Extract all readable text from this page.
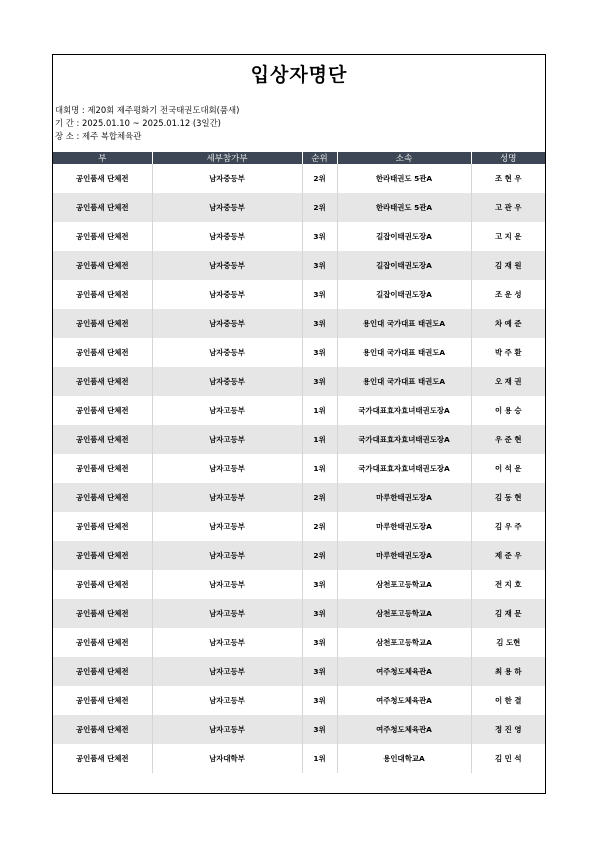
입상자명단
대회명 : 제20회 제주평화기 전국태권도대회(품새)
기 간 : 2025.01.10 ~ 2025.01.12 (3일간)
장 소 : 제주 복합체육관
부	세부참가부	순위	소속	성명
공인품새 단체전	남자중등부	2위	한라태권도 5관A	조 현 우
공인품새 단체전	남자중등부	2위	한라태권도 5관A	고 관 우
공인품새 단체전	남자중등부	3위	길잡이태권도장A	고 지 운
공인품새 단체전	남자중등부	3위	길잡이태권도장A	김 재 원
공인품새 단체전	남자중등부	3위	길잡이태권도장A	조 운 성
공인품새 단체전	남자중등부	3위	용인대 국가대표 태권도A	차 예 준
공인품새 단체전	남자중등부	3위	용인대 국가대표 태권도A	박 주 환
공인품새 단체전	남자중등부	3위	용인대 국가대표 태권도A	오 재 권
공인품새 단체전	남자고등부	1위	국가대표효자효녀태권도장A	이 용 승
공인품새 단체전	남자고등부	1위	국가대표효자효녀태권도장A	우 준 현
공인품새 단체전	남자고등부	1위	국가대표효자효녀태권도장A	이 석 운
공인품새 단체전	남자고등부	2위	마루한태권도장A	김 동 현
공인품새 단체전	남자고등부	2위	마루한태권도장A	김 우 주
공인품새 단체전	남자고등부	2위	마루한태권도장A	제 준 우
공인품새 단체전	남자고등부	3위	삼천포고등학교A	전 지 호
공인품새 단체전	남자고등부	3위	삼천포고등학교A	김 재 문
공인품새 단체전	남자고등부	3위	삼천포고등학교A	김 도현
공인품새 단체전	남자고등부	3위	여주청도체육관A	최 용 하
공인품새 단체전	남자고등부	3위	여주청도체육관A	이 한 결
공인품새 단체전	남자고등부	3위	여주청도체육관A	정 진 영
공인품새 단체전	남자대학부	1위	용인대학교A	김 민 석
